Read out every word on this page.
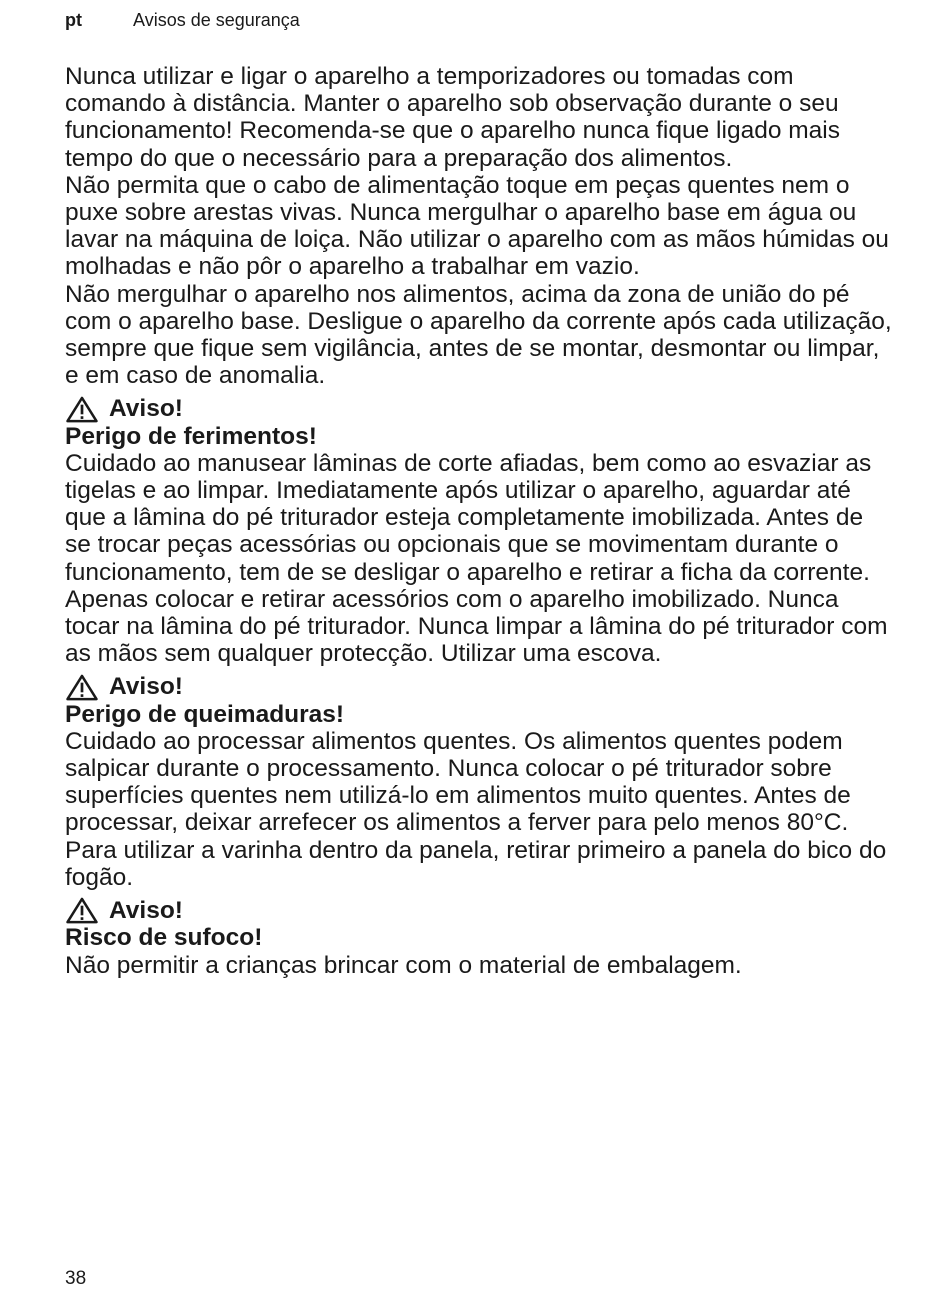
pt	Avisos de segurança

Nunca utilizar e ligar o aparelho a temporizadores ou tomadas com comando à distância. Manter o aparelho sob observação durante o seu funcionamento! Recomenda-se que o aparelho nunca fique ligado mais tempo do que o necessário para a preparação dos alimentos.

Não permita que o cabo de alimentação toque em peças quentes nem o puxe sobre arestas vivas. Nunca mergulhar o aparelho base em água ou lavar na máquina de loiça. Não utilizar o aparelho com as mãos húmidas ou molhadas e não pôr o aparelho a trabalhar em vazio.

Não mergulhar o aparelho nos alimentos, acima da zona de união do pé com o aparelho base. Desligue o aparelho da corrente após cada utilização, sempre que fique sem vigilância, antes de se montar, desmontar ou limpar, e em caso de anomalia.

Aviso!
Perigo de ferimentos!

Cuidado ao manusear lâminas de corte afiadas, bem como ao esvaziar as tigelas e ao limpar. Imediatamente após utilizar o aparelho, aguardar até que a lâmina do pé triturador esteja completamente imobilizada. Antes de se trocar peças acessórias ou opcionais que se movimentam durante o funcionamento, tem de se desligar o aparelho e retirar a ficha da corrente. Apenas colocar e retirar acessórios com o aparelho imobilizado. Nunca tocar na lâmina do pé triturador. Nunca limpar a lâmina do pé triturador com as mãos sem qualquer protecção. Utilizar uma escova.

Aviso!
Perigo de queimaduras!

Cuidado ao processar alimentos quentes. Os alimentos quentes podem salpicar durante o processamento. Nunca colocar o pé triturador sobre superfícies quentes nem utilizá-lo em alimentos muito quentes. Antes de processar, deixar arrefecer os alimentos a ferver para pelo menos 80°C. Para utilizar a varinha dentro da panela, retirar primeiro a panela do bico do fogão.

Aviso!
Risco de sufoco!

Não permitir a crianças brincar com o material de embalagem.

38
